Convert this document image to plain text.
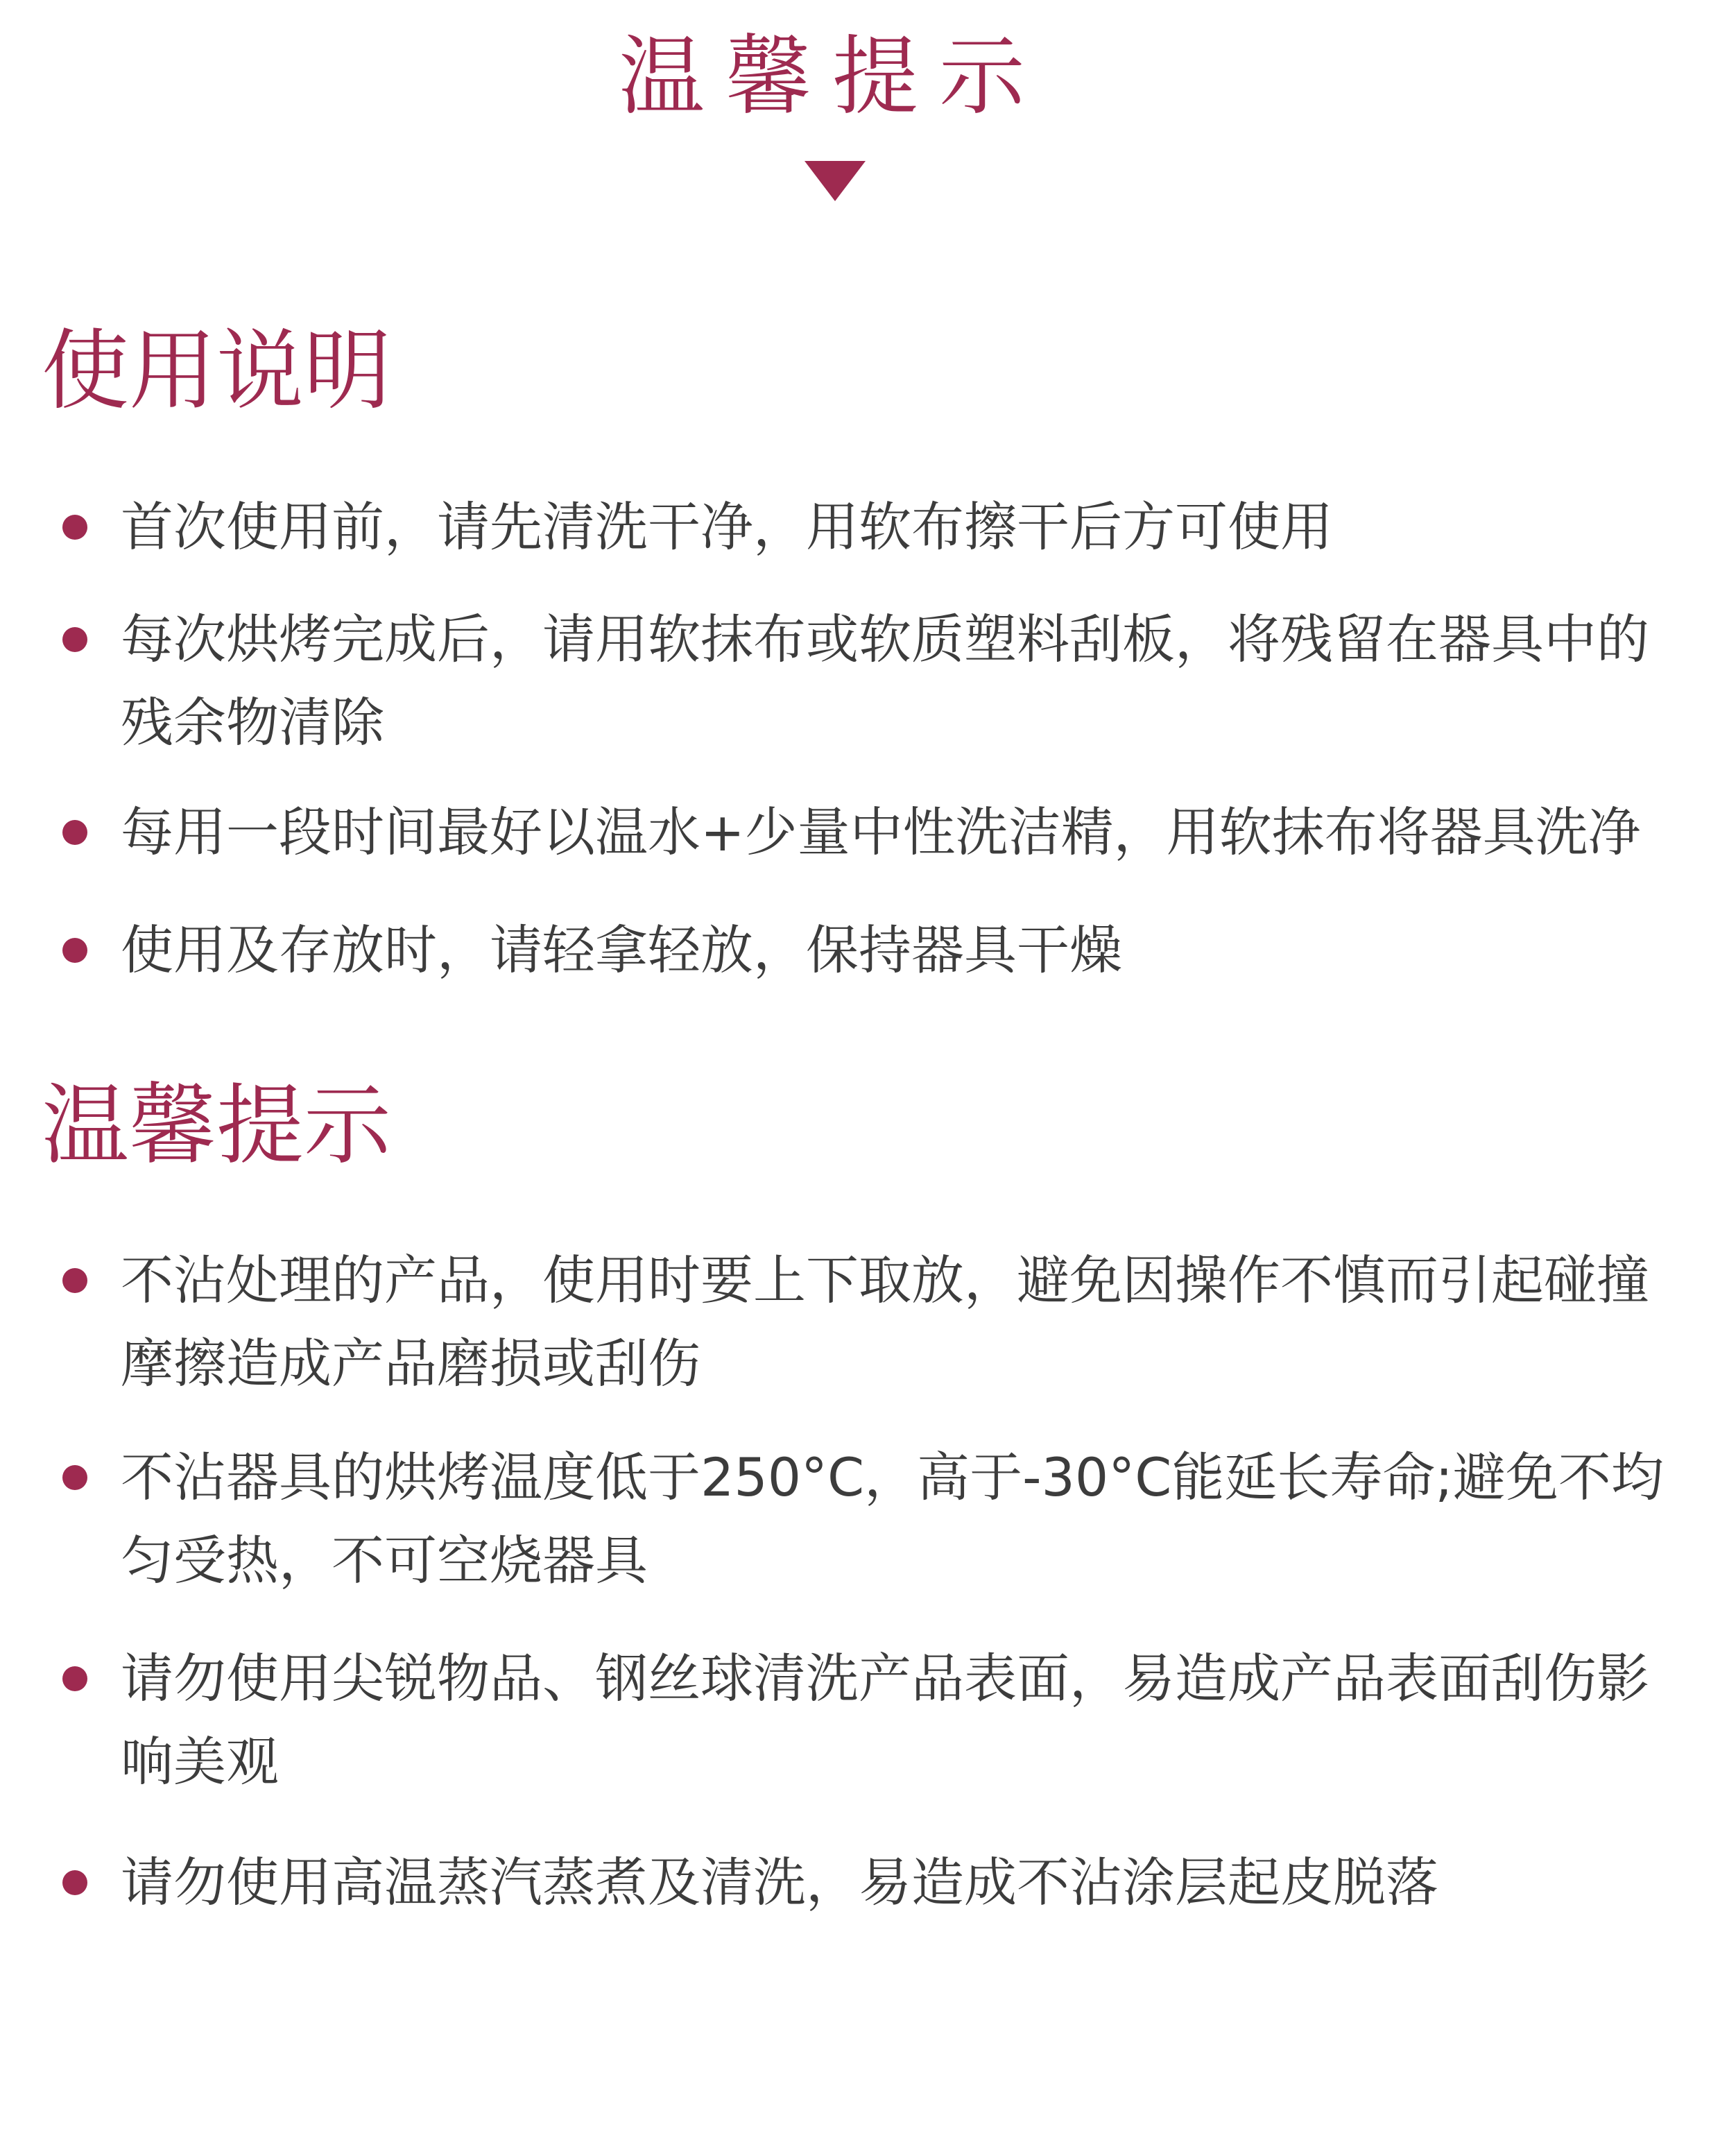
温馨提示
使用说明
首次使用前，请先清洗干净，用软布擦干后方可使用
每次烘烤完成后，请用软抹布或软质塑料刮板，将残留在器具中的残余物清除
每用一段时间最好以温水+少量中性洗洁精，用软抹布将器具洗净
使用及存放时，请轻拿轻放，保持器具干燥
温馨提示
不沾处理的产品，使用时要上下取放，避免因操作不慎而引起碰撞摩擦造成产品磨损或刮伤
不沾器具的烘烤温度低于250°C，高于-30°C能延长寿命;避免不均匀受热，不可空烧器具
请勿使用尖锐物品、钢丝球清洗产品表面，易造成产品表面刮伤影响美观
请勿使用高温蒸汽蒸煮及清洗，易造成不沾涂层起皮脱落
